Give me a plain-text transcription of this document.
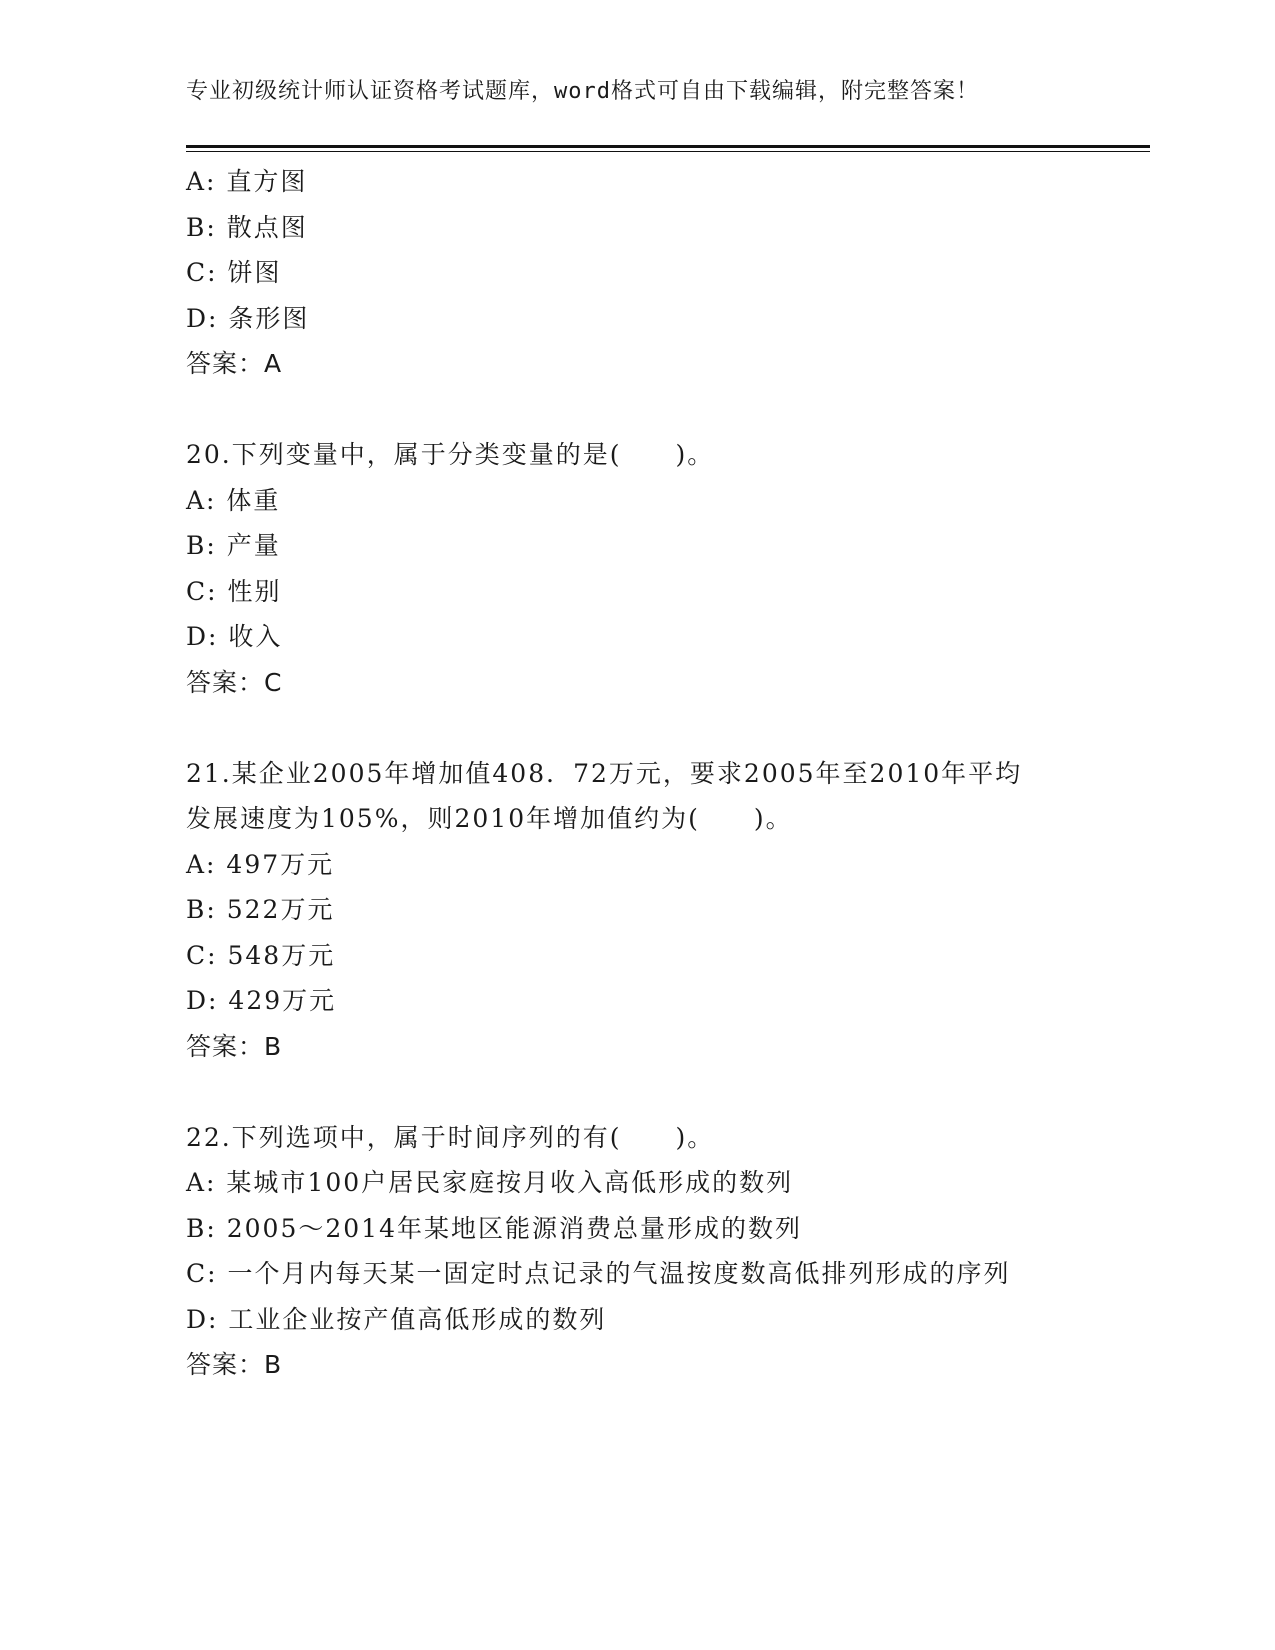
专业初级统计师认证资格考试题库，word格式可自由下载编辑，附完整答案！
A: 直方图
B: 散点图
C: 饼图
D: 条形图
答案：A
20.下列变量中，属于分类变量的是(　　)。
A: 体重
B: 产量
C: 性别
D: 收入
答案：C
21.某企业2005年增加值408．72万元，要求2005年至2010年平均
发展速度为105%，则2010年增加值约为(　　)。
A: 497万元
B: 522万元
C: 548万元
D: 429万元
答案：B
22.下列选项中，属于时间序列的有(　　)。
A: 某城市100户居民家庭按月收入高低形成的数列
B: 2005～2014年某地区能源消费总量形成的数列
C: 一个月内每天某一固定时点记录的气温按度数高低排列形成的序列
D: 工业企业按产值高低形成的数列
答案：B
